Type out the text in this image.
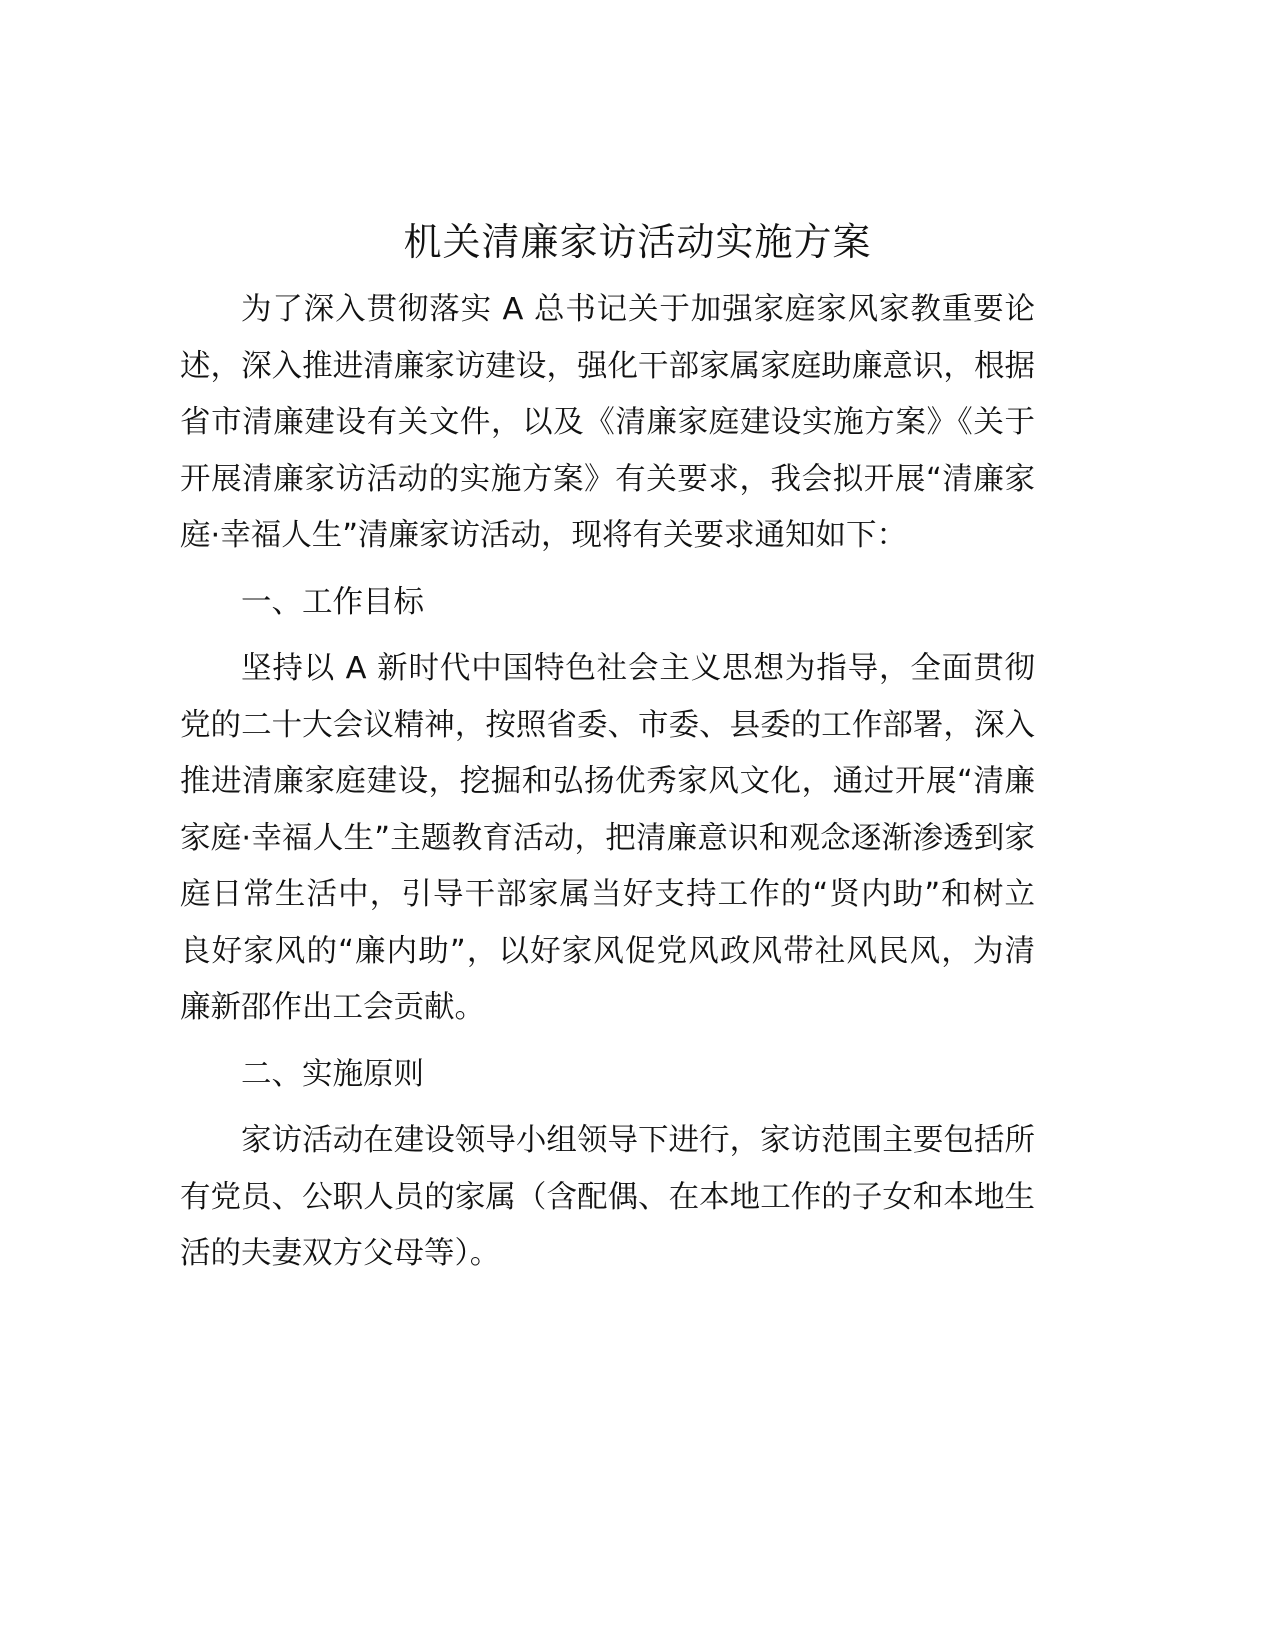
机关清廉家访活动实施方案

为了深入贯彻落实 A 总书记关于加强家庭家风家教重要论述，深入推进清廉家访建设，强化干部家属家庭助廉意识，根据省市清廉建设有关文件，以及《清廉家庭建设实施方案》《关于开展清廉家访活动的实施方案》有关要求，我会拟开展“清廉家庭·幸福人生”清廉家访活动，现将有关要求通知如下：

一、工作目标

坚持以 A 新时代中国特色社会主义思想为指导，全面贯彻党的二十大会议精神，按照省委、市委、县委的工作部署，深入推进清廉家庭建设，挖掘和弘扬优秀家风文化，通过开展“清廉家庭·幸福人生”主题教育活动，把清廉意识和观念逐渐渗透到家庭日常生活中，引导干部家属当好支持工作的“贤内助”和树立良好家风的“廉内助”，以好家风促党风政风带社风民风，为清廉新邵作出工会贡献。

二、实施原则

家访活动在建设领导小组领导下进行，家访范围主要包括所有党员、公职人员的家属（含配偶、在本地工作的子女和本地生活的夫妻双方父母等）。
